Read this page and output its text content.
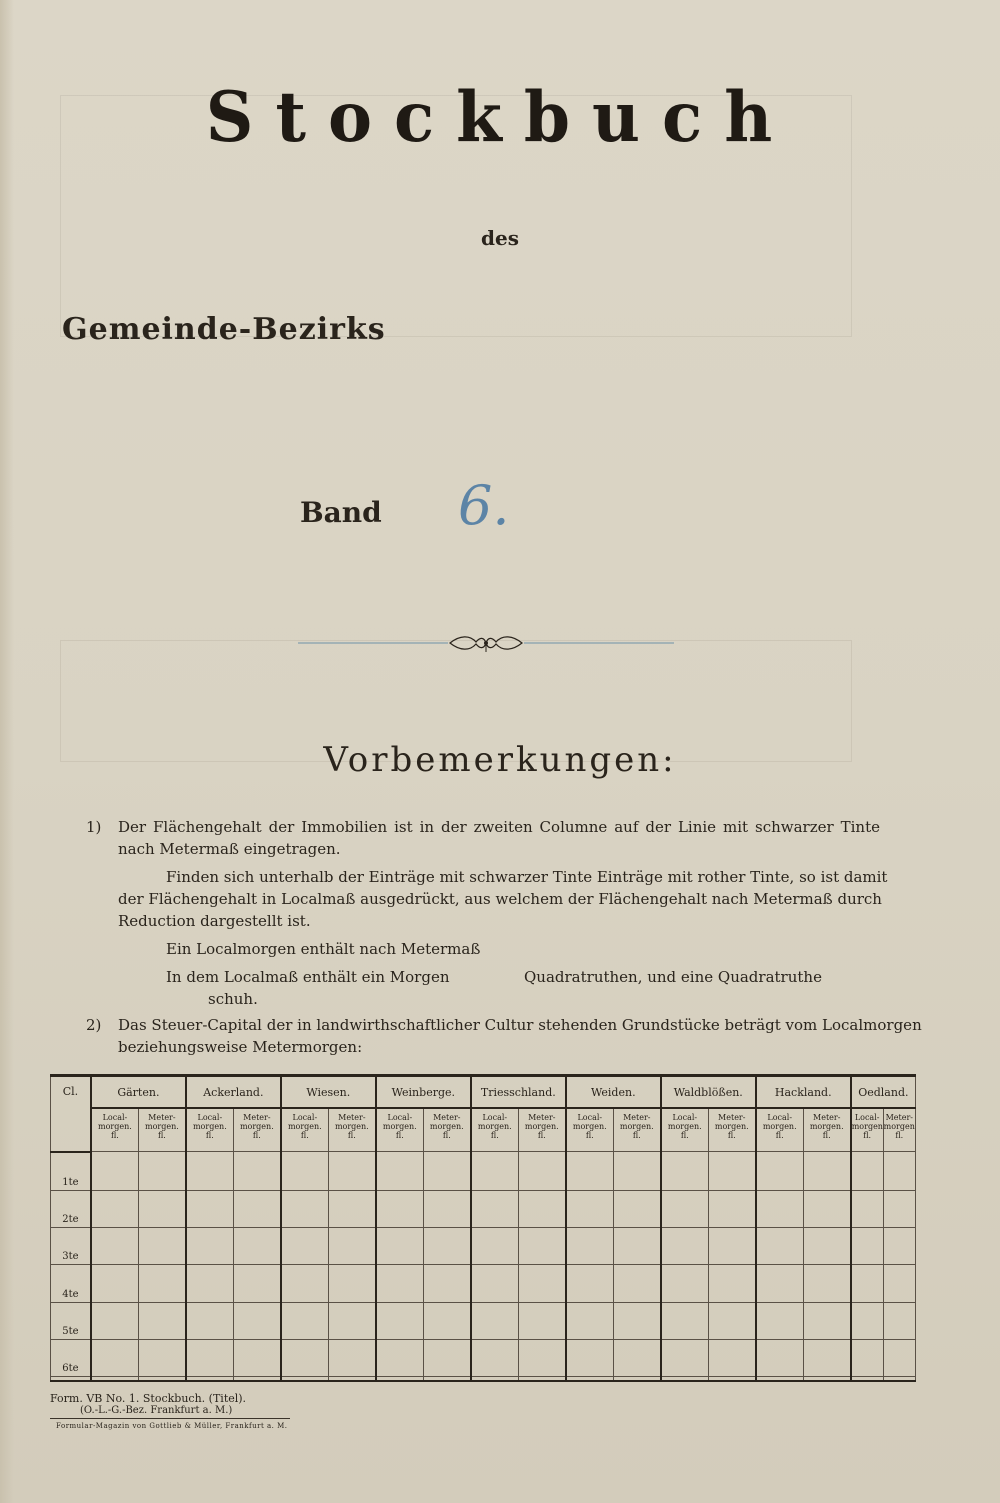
Stockbuch
des
Gemeinde-Bezirks
Band 6.
Vorbemerkungen:
1) Der Flächengehalt der Immobilien ist in der zweiten Columne auf der Linie mit schwarzer Tinte
nach Metermaß eingetragen.
Finden sich unterhalb der Einträge mit schwarzer Tinte Einträge mit rother Tinte, so ist damit
der Flächengehalt in Localmaß ausgedrückt, aus welchem der Flächengehalt nach Metermaß durch
Reduction dargestellt ist.
Ein Localmorgen enthält nach Metermaß
In dem Localmaß enthält ein Morgen	Quadratruthen, und eine Quadratruthe
schuh.
2) Das Steuer-Capital der in landwirthschaftlicher Cultur stehenden Grundstücke beträgt vom Localmorgen
beziehungsweise Metermorgen:
Cl.	Gärten.		Ackerland.		Wiesen.		Weinberge.		Triesschland.		Weiden.		Waldblößen.		Hackland.		Oedland.	
	Local-
morgen.
fl.	Meter-
morgen.
fl.	Local-
morgen.
fl.	Meter-
morgen.
fl.	Local-
morgen.
fl.	Meter-
morgen.
fl.	Local-
morgen.
fl.	Meter-
morgen.
fl.	Local-
morgen.
fl.	Meter-
morgen.
fl.	Local-
morgen.
fl.	Meter-
morgen.
fl.	Local-
morgen.
fl.	Meter-
morgen.
fl.	Local-
morgen.
fl.	Meter-
morgen.
fl.	Local-
morgen
fl.	Meter-
morgen
fl.
1te																		
2te																		
3te																		
4te																		
5te																		
6te																		

Form. VB No. 1. Stockbuch. (Titel).
(O.-L.-G.-Bez. Frankfurt a. M.)
Formular-Magazin von Gottlieb & Müller, Frankfurt a. M.
